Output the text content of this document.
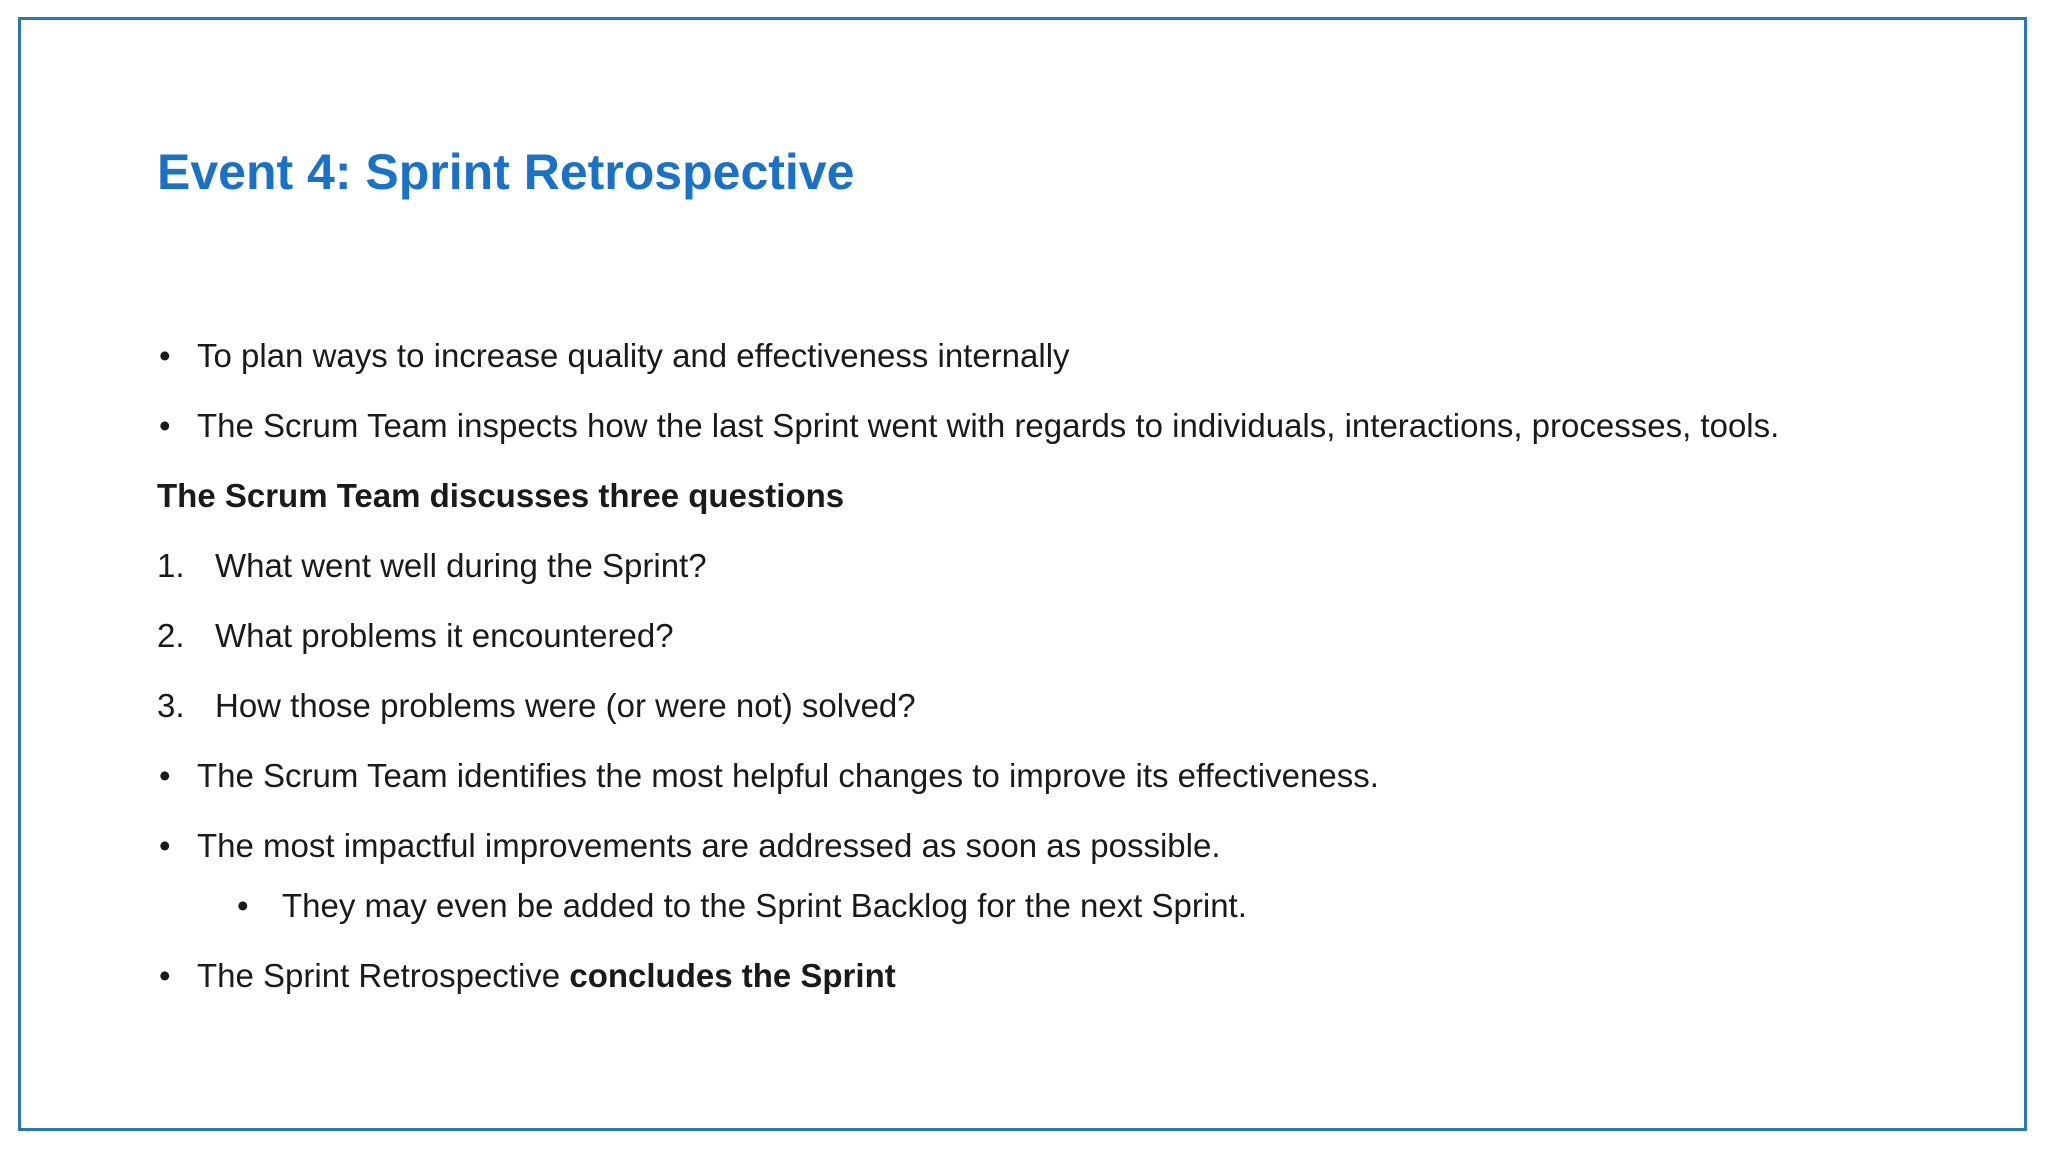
Event 4: Sprint Retrospective
• To plan ways to increase quality and effectiveness internally
• The Scrum Team inspects how the last Sprint went with regards to individuals, interactions, processes, tools.
The Scrum Team discusses three questions
1. What went well during the Sprint?
2. What problems it encountered?
3. How those problems were (or were not) solved?
• The Scrum Team identifies the most helpful changes to improve its effectiveness.
• The most impactful improvements are addressed as soon as possible.
• They may even be added to the Sprint Backlog for the next Sprint.
• The Sprint Retrospective concludes the Sprint
